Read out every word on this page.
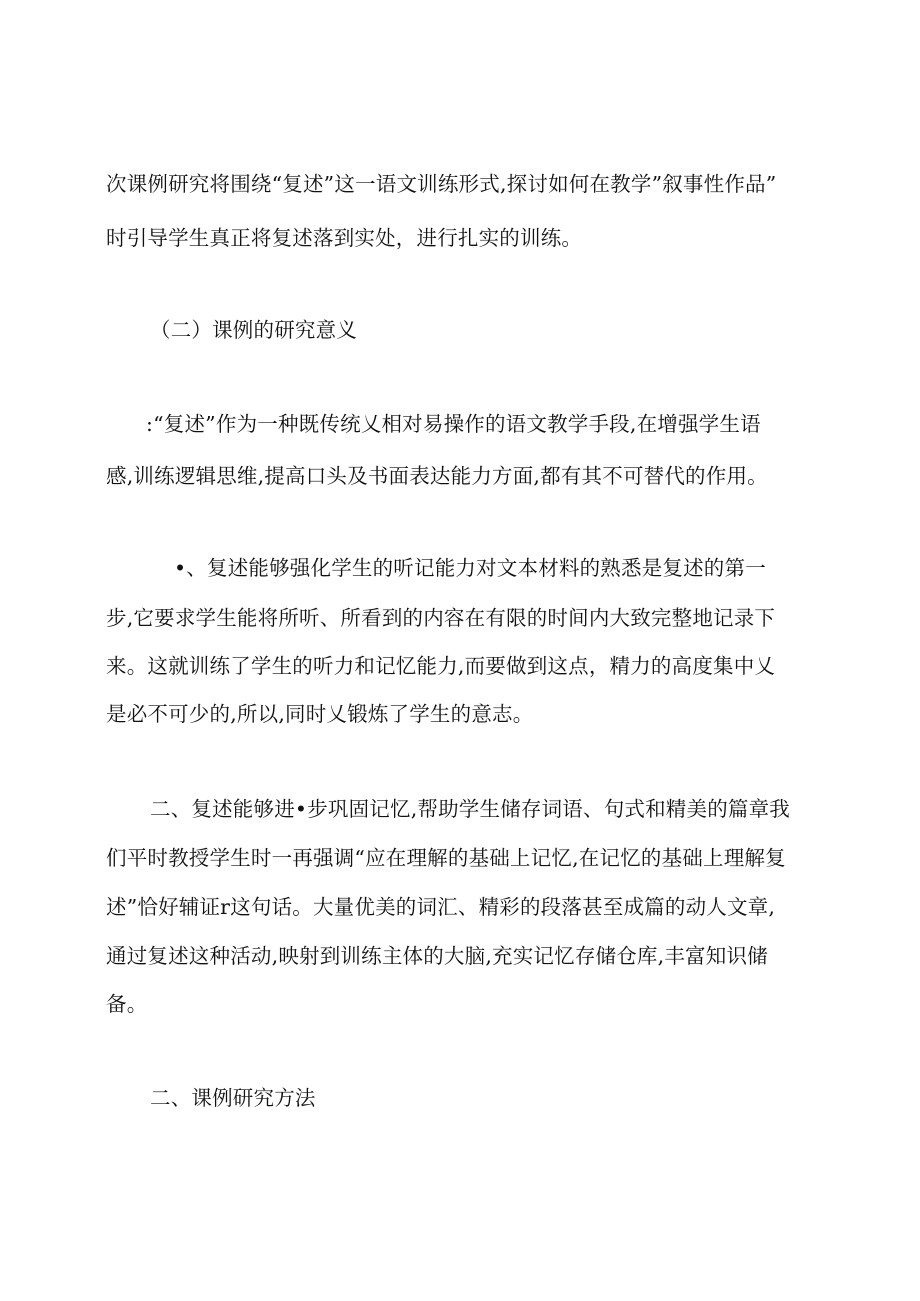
次课例研究将围绕“复述”这一语文训练形式,探讨如何在教学”叙事性作品”
时引导学生真正将复述落到实处，进行扎实的训练。
（二）课例的研究意义
:“复述”作为一种既传统乂相对易操作的语文教学手段,在增强学生语
感,训练逻辑思维,提高口头及书面表达能力方面,都有其不可替代的作用。
•、复述能够强化学生的听记能力对文本材料的熟悉是复述的第一
步,它要求学生能将所听、所看到的内容在有限的时间内大致完整地记录下
来。这就训练了学生的听力和记忆能力,而要做到这点，精力的高度集中乂
是必不可少的,所以,同时乂锻炼了学生的意志。
二、复述能够进•步巩固记忆,帮助学生储存词语、句式和精美的篇章我
们平时教授学生时一再强调“应在理解的基础上记忆,在记忆的基础上理解复
述”恰好辅证r这句话。大量优美的词汇、精彩的段落甚至成篇的动人文章,
通过复述这种活动,映射到训练主体的大脑,充实记忆存储仓库,丰富知识储
备。
二、课例研究方法
